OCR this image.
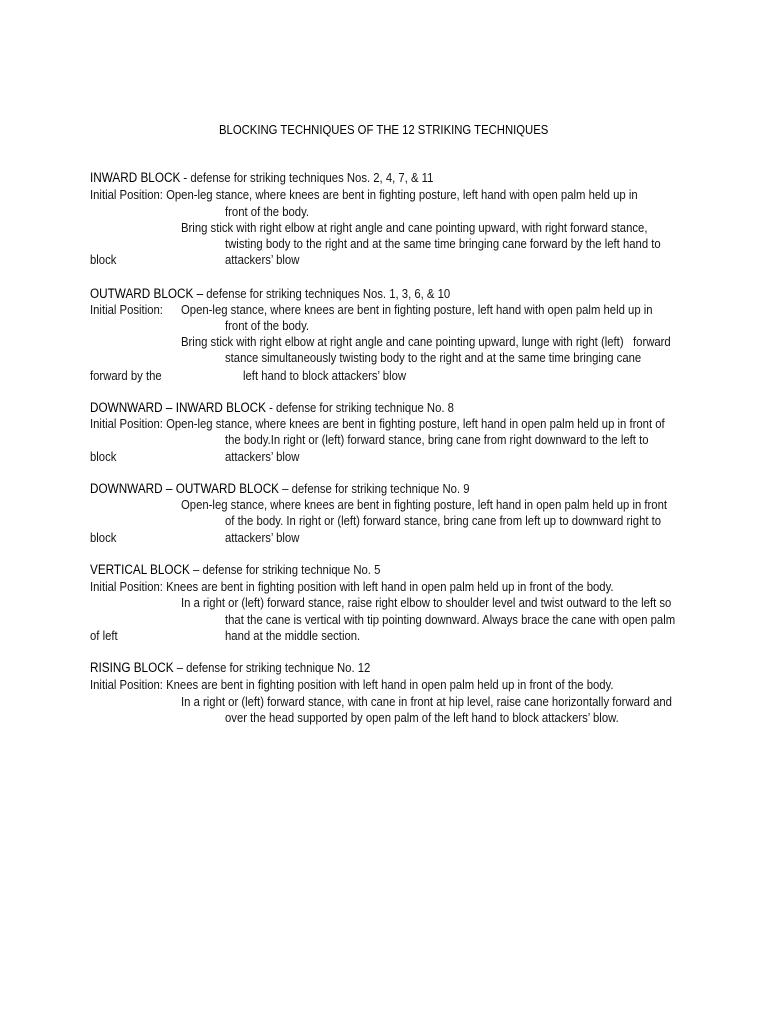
BLOCKING TECHNIQUES OF THE 12 STRIKING TECHNIQUES
INWARD BLOCK - defense for striking techniques Nos. 2, 4, 7, & 11
Initial Position: Open-leg stance, where knees are bent in fighting posture, left hand with open palm held up in
front of the body.
Bring stick with right elbow at right angle and cane pointing upward, with right forward stance,
twisting body to the right and at the same time bringing cane forward by the left hand to
block	attackers’ blow
OUTWARD BLOCK – defense for striking techniques Nos. 1, 3, 6, & 10
Initial Position: Open-leg stance, where knees are bent in fighting posture, left hand with open palm held up in
front of the body.
Bring stick with right elbow at right angle and cane pointing upward, lunge with right (left)   forward
stance simultaneously twisting body to the right and at the same time bringing cane
forward by the	left hand to block attackers’ blow
DOWNWARD – INWARD BLOCK - defense for striking technique No. 8
Initial Position: Open-leg stance, where knees are bent in fighting posture, left hand in open palm held up in front of
the body.In right or (left) forward stance, bring cane from right downward to the left to
block	attackers’ blow
DOWNWARD – OUTWARD BLOCK – defense for striking technique No. 9
Open-leg stance, where knees are bent in fighting posture, left hand in open palm held up in front
of the body. In right or (left) forward stance, bring cane from left up to downward right to
block	attackers’ blow
VERTICAL BLOCK – defense for striking technique No. 5
Initial Position: Knees are bent in fighting position with left hand in open palm held up in front of the body.
In a right or (left) forward stance, raise right elbow to shoulder level and twist outward to the left so
that the cane is vertical with tip pointing downward. Always brace the cane with open palm
of left	hand at the middle section.
RISING BLOCK – defense for striking technique No. 12
Initial Position: Knees are bent in fighting position with left hand in open palm held up in front of the body.
In a right or (left) forward stance, with cane in front at hip level, raise cane horizontally forward and
over the head supported by open palm of the left hand to block attackers’ blow.
